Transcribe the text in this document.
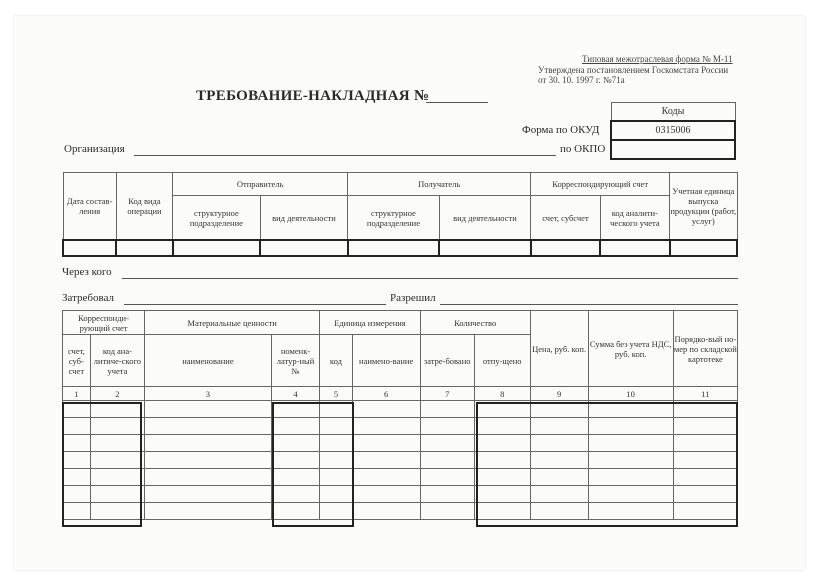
Типовая межотраслевая форма № М-11
Утверждена постановлением Госкомстата России
от 30. 10. 1997 г. №71а
ТРЕБОВАНИЕ-НАКЛАДНАЯ №
Коды
0315006

Форма по ОКУД
по ОКПО
Организация
Дата состав-ления	Код вида операции	Отправитель		Получатель		Корреспондирующий счет		Учетная единица выпуска продукции (работ, услуг)
		структурное подразделение	вид деятельности	структурное подразделение	вид деятельности	счет, субсчет	код аналити-ческого учета	

Через кого
Затребовал	Разрешил
Корреспонди-рующий счет		Материальные ценности		Единица измерения		Количество		Цена, руб. коп.	Сумма без учета НДС, руб. коп.	Порядко-вый но-мер по складской картотеке
счет, суб-счет	код ана-литиче-ского учета	наименование	номенк-латур-ный №	код	наимено-вание	затре-бовано	отпу-щено			
1	2	3	4	5	6	7	8	9	10	11
